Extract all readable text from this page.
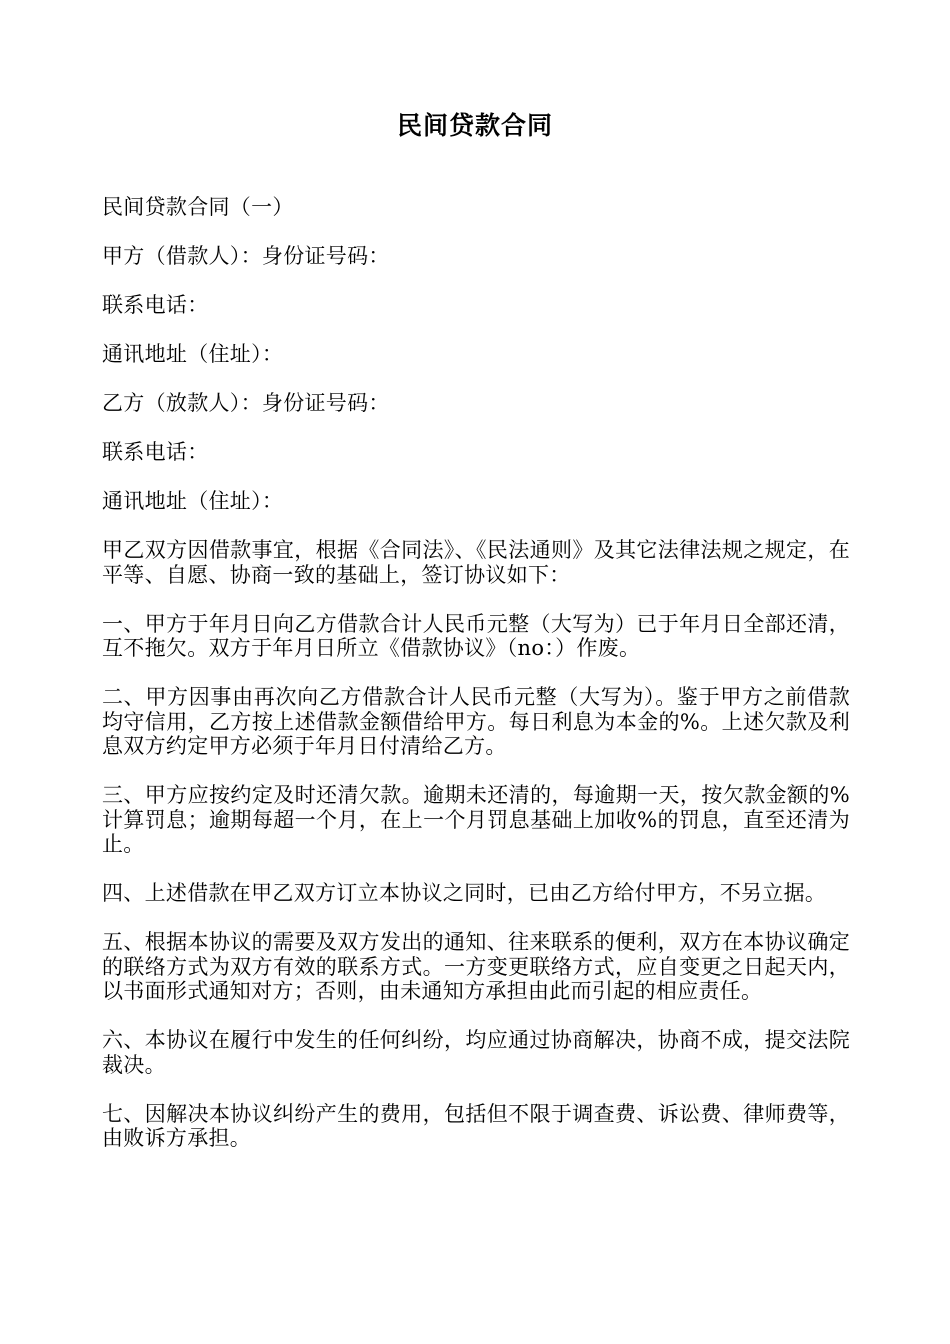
民间贷款合同

民间贷款合同（一）

甲方（借款人）：身份证号码：

联系电话：

通讯地址（住址）：

乙方（放款人）：身份证号码：

联系电话：

通讯地址（住址）：

甲乙双方因借款事宜，根据《合同法》、《民法通则》及其它法律法规之规定，在平等、自愿、协商一致的基础上，签订协议如下：

一、甲方于年月日向乙方借款合计人民币元整（大写为）已于年月日全部还清，互不拖欠。双方于年月日所立《借款协议》（no：）作废。

二、甲方因事由再次向乙方借款合计人民币元整（大写为）。鉴于甲方之前借款均守信用，乙方按上述借款金额借给甲方。每日利息为本金的%。上述欠款及利息双方约定甲方必须于年月日付清给乙方。

三、甲方应按约定及时还清欠款。逾期未还清的，每逾期一天，按欠款金额的%计算罚息；逾期每超一个月，在上一个月罚息基础上加收%的罚息，直至还清为止。

四、上述借款在甲乙双方订立本协议之同时，已由乙方给付甲方，不另立据。

五、根据本协议的需要及双方发出的通知、往来联系的便利，双方在本协议确定的联络方式为双方有效的联系方式。一方变更联络方式，应自变更之日起天内，以书面形式通知对方；否则，由未通知方承担由此而引起的相应责任。

六、本协议在履行中发生的任何纠纷，均应通过协商解决，协商不成，提交法院裁决。

七、因解决本协议纠纷产生的费用，包括但不限于调查费、诉讼费、律师费等，由败诉方承担。
